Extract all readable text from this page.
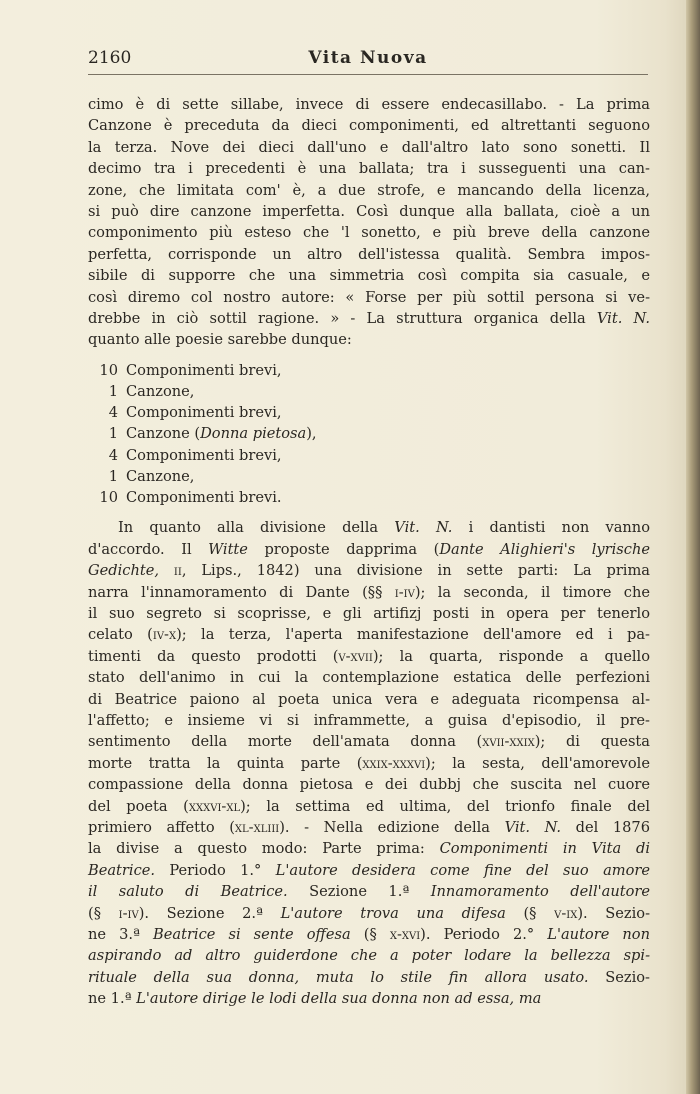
2160	Vita Nuova
cimo è di sette sillabe, invece di essere endecasillabo. - La prima
Canzone è preceduta da dieci componimenti, ed altrettanti seguono
la terza. Nove dei dieci dall'uno e dall'altro lato sono sonetti. Il
decimo tra i precedenti è una ballata; tra i susseguenti una can-
zone, che limitata com' è, a due strofe, e mancando della licenza,
si può dire canzone imperfetta. Così dunque alla ballata, cioè a un
componimento più esteso che 'l sonetto, e più breve della canzone
perfetta, corrisponde un altro dell'istessa qualità. Sembra impos-
sibile di supporre che una simmetria così compita sia casuale, e
così diremo col nostro autore: « Forse per più sottil persona si ve-
drebbe in ciò sottil ragione. » - La struttura organica della Vit. N.
quanto alle poesie sarebbe dunque:
10 Componimenti brevi,
1 Canzone,
4 Componimenti brevi,
1 Canzone (Donna pietosa),
4 Componimenti brevi,
1 Canzone,
10 Componimenti brevi.
In quanto alla divisione della Vit. N. i dantisti non vanno
d'accordo. Il Witte proposte dapprima (Dante Alighieri's lyrische
Gedichte, ii, Lips., 1842) una divisione in sette parti: La prima
narra l'innamoramento di Dante (§§ i-iv); la seconda, il timore che
il suo segreto si scoprisse, e gli artifizj posti in opera per tenerlo
celato (iv-x); la terza, l'aperta manifestazione dell'amore ed i pa-
timenti da questo prodotti (v-xvii); la quarta, risponde a quello
stato dell'animo in cui la contemplazione estatica delle perfezioni
di Beatrice paiono al poeta unica vera e adeguata ricompensa al-
l'affetto; e insieme vi si inframmette, a guisa d'episodio, il pre-
sentimento della morte dell'amata donna (xvii-xxix); di questa
morte tratta la quinta parte (xxix-xxxvi); la sesta, dell'amorevole
compassione della donna pietosa e dei dubbj che suscita nel cuore
del poeta (xxxvi-xl); la settima ed ultima, del trionfo finale del
primiero affetto (xl-xliii). - Nella edizione della Vit. N. del 1876
la divise a questo modo: Parte prima: Componimenti in Vita di
Beatrice. Periodo 1.° L'autore desidera come fine del suo amore
il saluto di Beatrice. Sezione 1.ª Innamoramento dell'autore
(§ i-iv). Sezione 2.ª L'autore trova una difesa (§ v-ix). Sezio-
ne 3.ª Beatrice si sente offesa (§ x-xvi). Periodo 2.° L'autore non
aspirando ad altro guiderdone che a poter lodare la bellezza spi-
rituale della sua donna, muta lo stile fin allora usato. Sezio-
ne 1.ª L'autore dirige le lodi della sua donna non ad essa, ma
